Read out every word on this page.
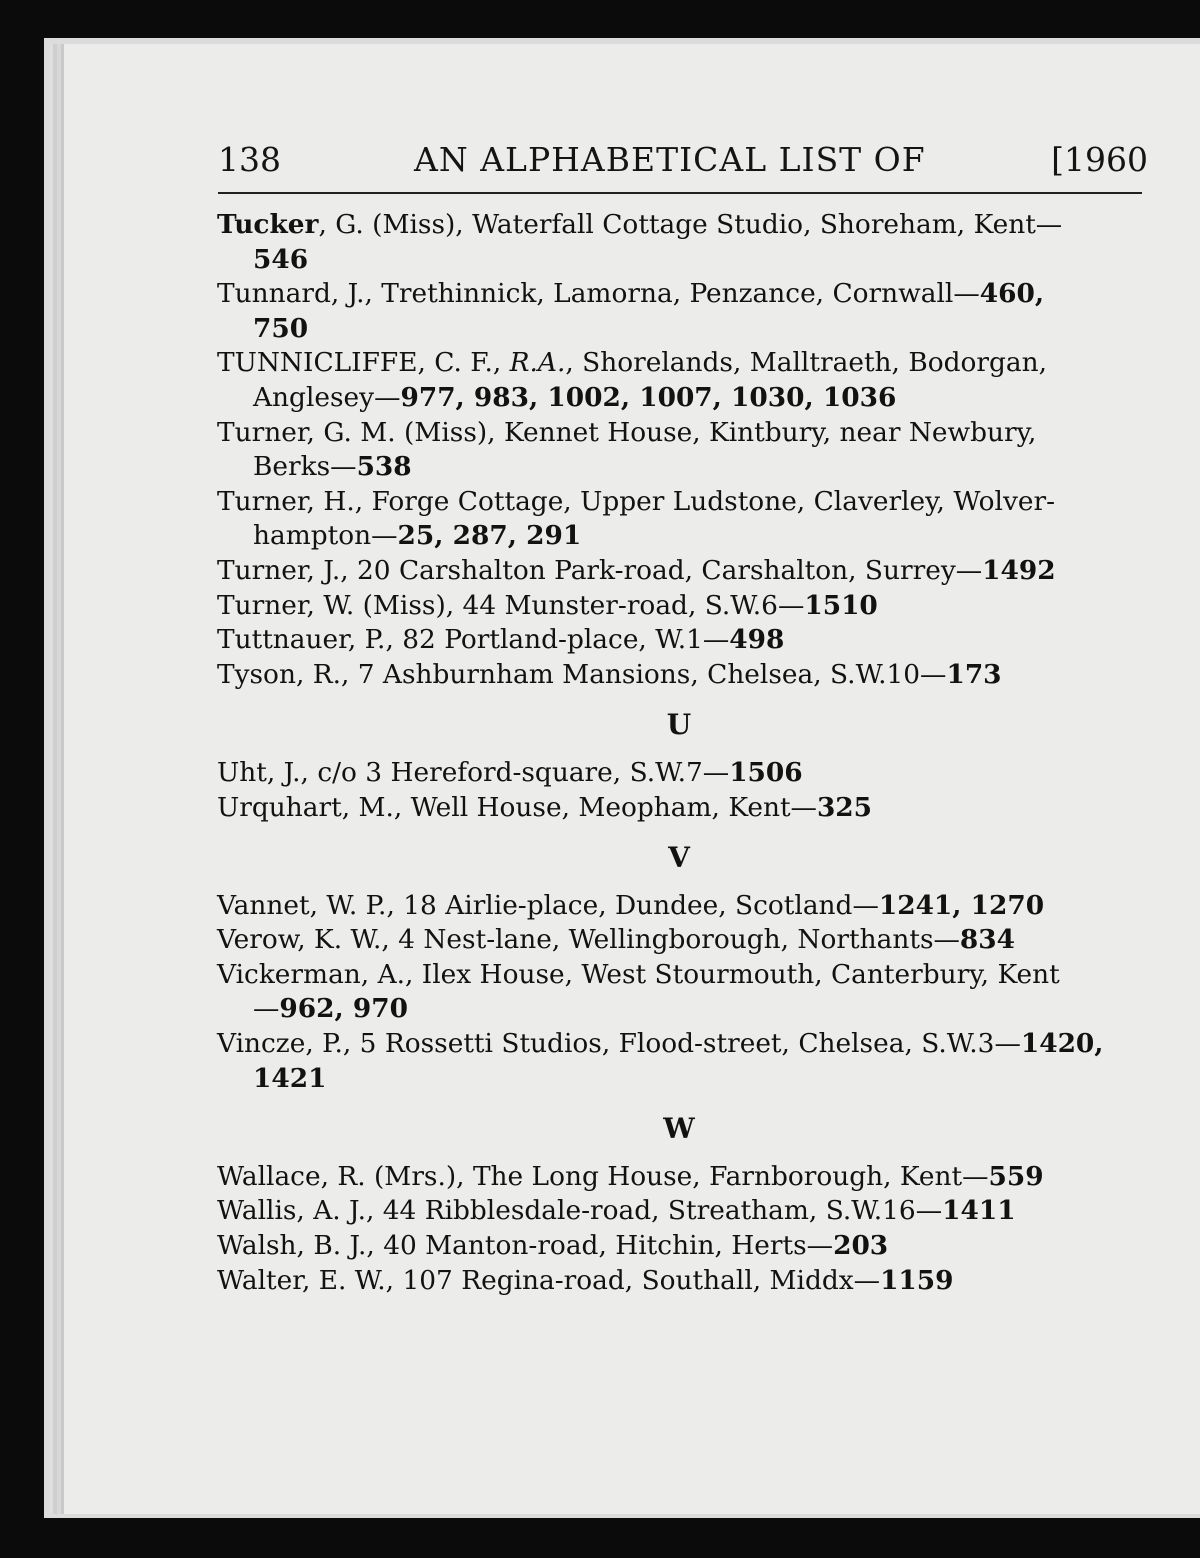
138	AN ALPHABETICAL LIST OF	[1960

Tucker, G. (Miss), Waterfall Cottage Studio, Shoreham, Kent—
546

Tunnard, J., Trethinnick, Lamorna, Penzance, Cornwall—460,
750

TUNNICLIFFE, C. F., R.A., Shorelands, Malltraeth, Bodorgan,
Anglesey—977, 983, 1002, 1007, 1030, 1036

Turner, G. M. (Miss), Kennet House, Kintbury, near Newbury,
Berks—538

Turner, H., Forge Cottage, Upper Ludstone, Claverley, Wolver-
hampton—25, 287, 291

Turner, J., 20 Carshalton Park-road, Carshalton, Surrey—1492

Turner, W. (Miss), 44 Munster-road, S.W.6—1510

Tuttnauer, P., 82 Portland-place, W.1—498

Tyson, R., 7 Ashburnham Mansions, Chelsea, S.W.10—173

U

Uht, J., c/o 3 Hereford-square, S.W.7—1506

Urquhart, M., Well House, Meopham, Kent—325

V

Vannet, W. P., 18 Airlie-place, Dundee, Scotland—1241, 1270

Verow, K. W., 4 Nest-lane, Wellingborough, Northants—834

Vickerman, A., Ilex House, West Stourmouth, Canterbury, Kent
—962, 970

Vincze, P., 5 Rossetti Studios, Flood-street, Chelsea, S.W.3—1420,
1421

W

Wallace, R. (Mrs.), The Long House, Farnborough, Kent—559

Wallis, A. J., 44 Ribblesdale-road, Streatham, S.W.16—1411

Walsh, B. J., 40 Manton-road, Hitchin, Herts—203

Walter, E. W., 107 Regina-road, Southall, Middx—1159
